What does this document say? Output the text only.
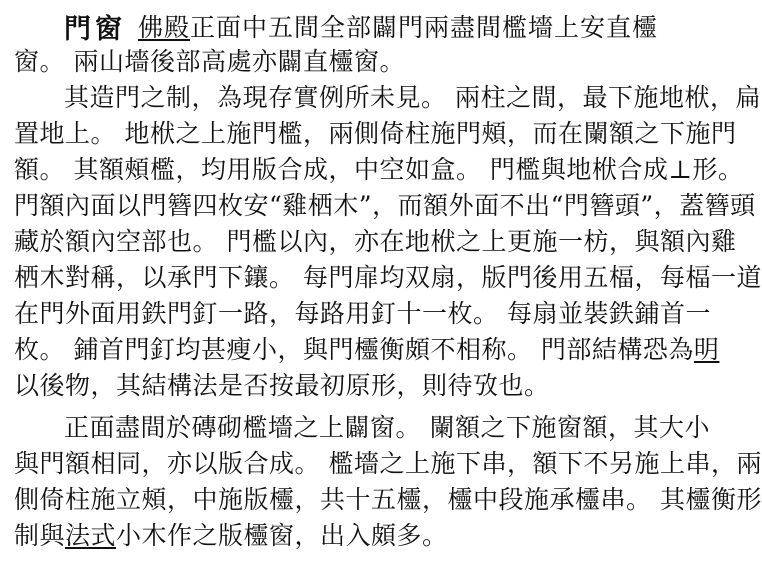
門窗 佛殿 正面中五間全部闢門兩盡間檻墻上安直欞
窗。 兩山墻後部高處亦闢直欞窗。
其造門之制，為現存實例所未見。 兩柱之間，最下施地栿，扁
置地上。 地栿之上施門檻，兩側倚柱施門頰，而在闌額之下施門
額。 其額頰檻，均用版合成，中空如盒。 門檻與地栿合成⊥形。
門額內面以門簪四枚安“雞栖木”，而額外面不出“門簪頭”，蓋簪頭
藏於額內空部也。 門檻以內，亦在地栿之上更施一枋，與額內雞
栖木對稱，以承門下鑲。 每門扉均双扇，版門後用五楅，每楅一道
在門外面用鉄門釘一路，每路用釘十一枚。 每扇並裝鉄鋪首一
枚。 鋪首門釘均甚瘦小，與門欞衡頗不相称。 門部結構恐為明
以後物，其結構法是否按最初原形，則待攷也。
正面盡間於磚砌檻墻之上闢窗。 闌額之下施窗額，其大小
與門額相同，亦以版合成。 檻墻之上施下串，額下不另施上串，兩
側倚柱施立頰，中施版欞，共十五欞，欞中段施承欞串。 其欞衡形
制與法式小木作之版欞窗，出入頗多。
